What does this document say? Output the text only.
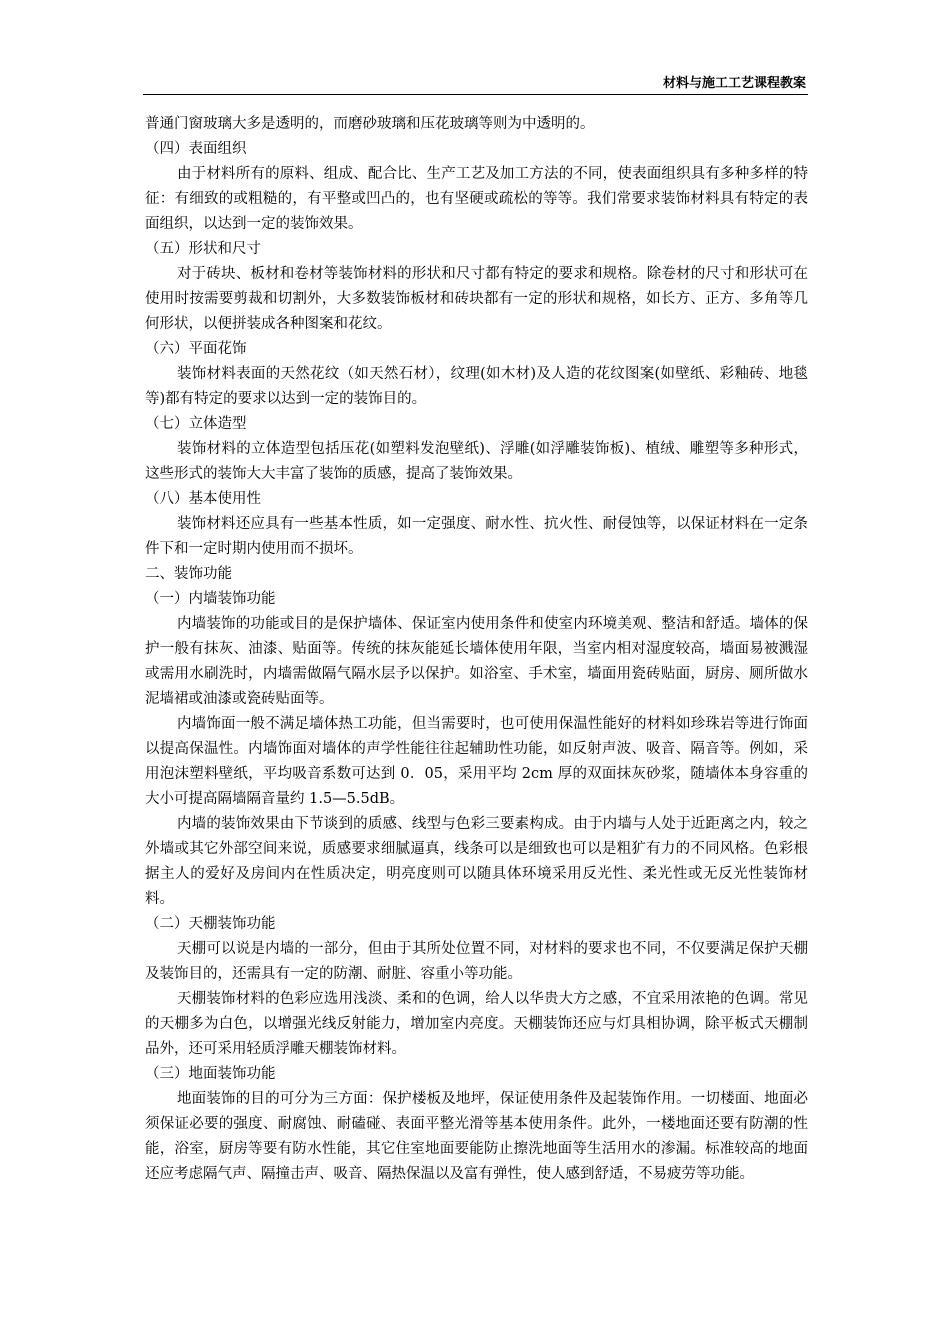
材料与施工工艺课程教案

普通门窗玻璃大多是透明的，而磨砂玻璃和压花玻璃等则为中透明的。

（四）表面组织

由于材料所有的原料、组成、配合比、生产工艺及加工方法的不同，使表面组织具有多种多样的特征：有细致的或粗糙的，有平整或凹凸的，也有坚硬或疏松的等等。我们常要求装饰材料具有特定的表面组织，以达到一定的装饰效果。

（五）形状和尺寸

对于砖块、板材和卷材等装饰材料的形状和尺寸都有特定的要求和规格。除卷材的尺寸和形状可在使用时按需要剪裁和切割外，大多数装饰板材和砖块都有一定的形状和规格，如长方、正方、多角等几何形状，以便拼装成各种图案和花纹。

（六）平面花饰

装饰材料表面的天然花纹（如天然石材），纹理(如木材)及人造的花纹图案(如壁纸、彩釉砖、地毯等)都有特定的要求以达到一定的装饰目的。

（七）立体造型

装饰材料的立体造型包括压花(如塑料发泡壁纸)、浮雕(如浮雕装饰板)、植绒、雕塑等多种形式，这些形式的装饰大大丰富了装饰的质感，提高了装饰效果。

（八）基本使用性

装饰材料还应具有一些基本性质，如一定强度、耐水性、抗火性、耐侵蚀等，以保证材料在一定条件下和一定时期内使用而不损坏。

二、装饰功能

（一）内墙装饰功能

内墙装饰的功能或目的是保护墙体、保证室内使用条件和使室内环境美观、整洁和舒适。墙体的保护一般有抹灰、油漆、贴面等。传统的抹灰能延长墙体使用年限，当室内相对湿度较高，墙面易被溅湿或需用水刷洗时，内墙需做隔气隔水层予以保护。如浴室、手术室，墙面用瓷砖贴面，厨房、厕所做水泥墙裙或油漆或瓷砖贴面等。

内墙饰面一般不满足墙体热工功能，但当需要时，也可使用保温性能好的材料如珍珠岩等进行饰面以提高保温性。内墙饰面对墙体的声学性能往往起辅助性功能，如反射声波、吸音、隔音等。例如，采用泡沫塑料壁纸，平均吸音系数可达到 0．05，采用平均 2cm 厚的双面抹灰砂浆，随墙体本身容重的大小可提高隔墙隔音量约 1.5—5.5dB。

内墙的装饰效果由下节谈到的质感、线型与色彩三要素构成。由于内墙与人处于近距离之内，较之外墙或其它外部空间来说，质感要求细腻逼真，线条可以是细致也可以是粗犷有力的不同风格。色彩根据主人的爱好及房间内在性质决定，明亮度则可以随具体环境采用反光性、柔光性或无反光性装饰材料。

（二）天棚装饰功能

天棚可以说是内墙的一部分，但由于其所处位置不同，对材料的要求也不同，不仅要满足保护天棚及装饰目的，还需具有一定的防潮、耐脏、容重小等功能。

天棚装饰材料的色彩应选用浅淡、柔和的色调，给人以华贵大方之感，不宜采用浓艳的色调。常见的天棚多为白色，以增强光线反射能力，增加室内亮度。天棚装饰还应与灯具相协调，除平板式天棚制品外，还可采用轻质浮雕天棚装饰材料。

（三）地面装饰功能

地面装饰的目的可分为三方面：保护楼板及地坪，保证使用条件及起装饰作用。一切楼面、地面必须保证必要的强度、耐腐蚀、耐磕碰、表面平整光滑等基本使用条件。此外，一楼地面还要有防潮的性能，浴室，厨房等要有防水性能，其它住室地面要能防止擦洗地面等生活用水的渗漏。标准较高的地面还应考虑隔气声、隔撞击声、吸音、隔热保温以及富有弹性，使人感到舒适，不易疲劳等功能。
